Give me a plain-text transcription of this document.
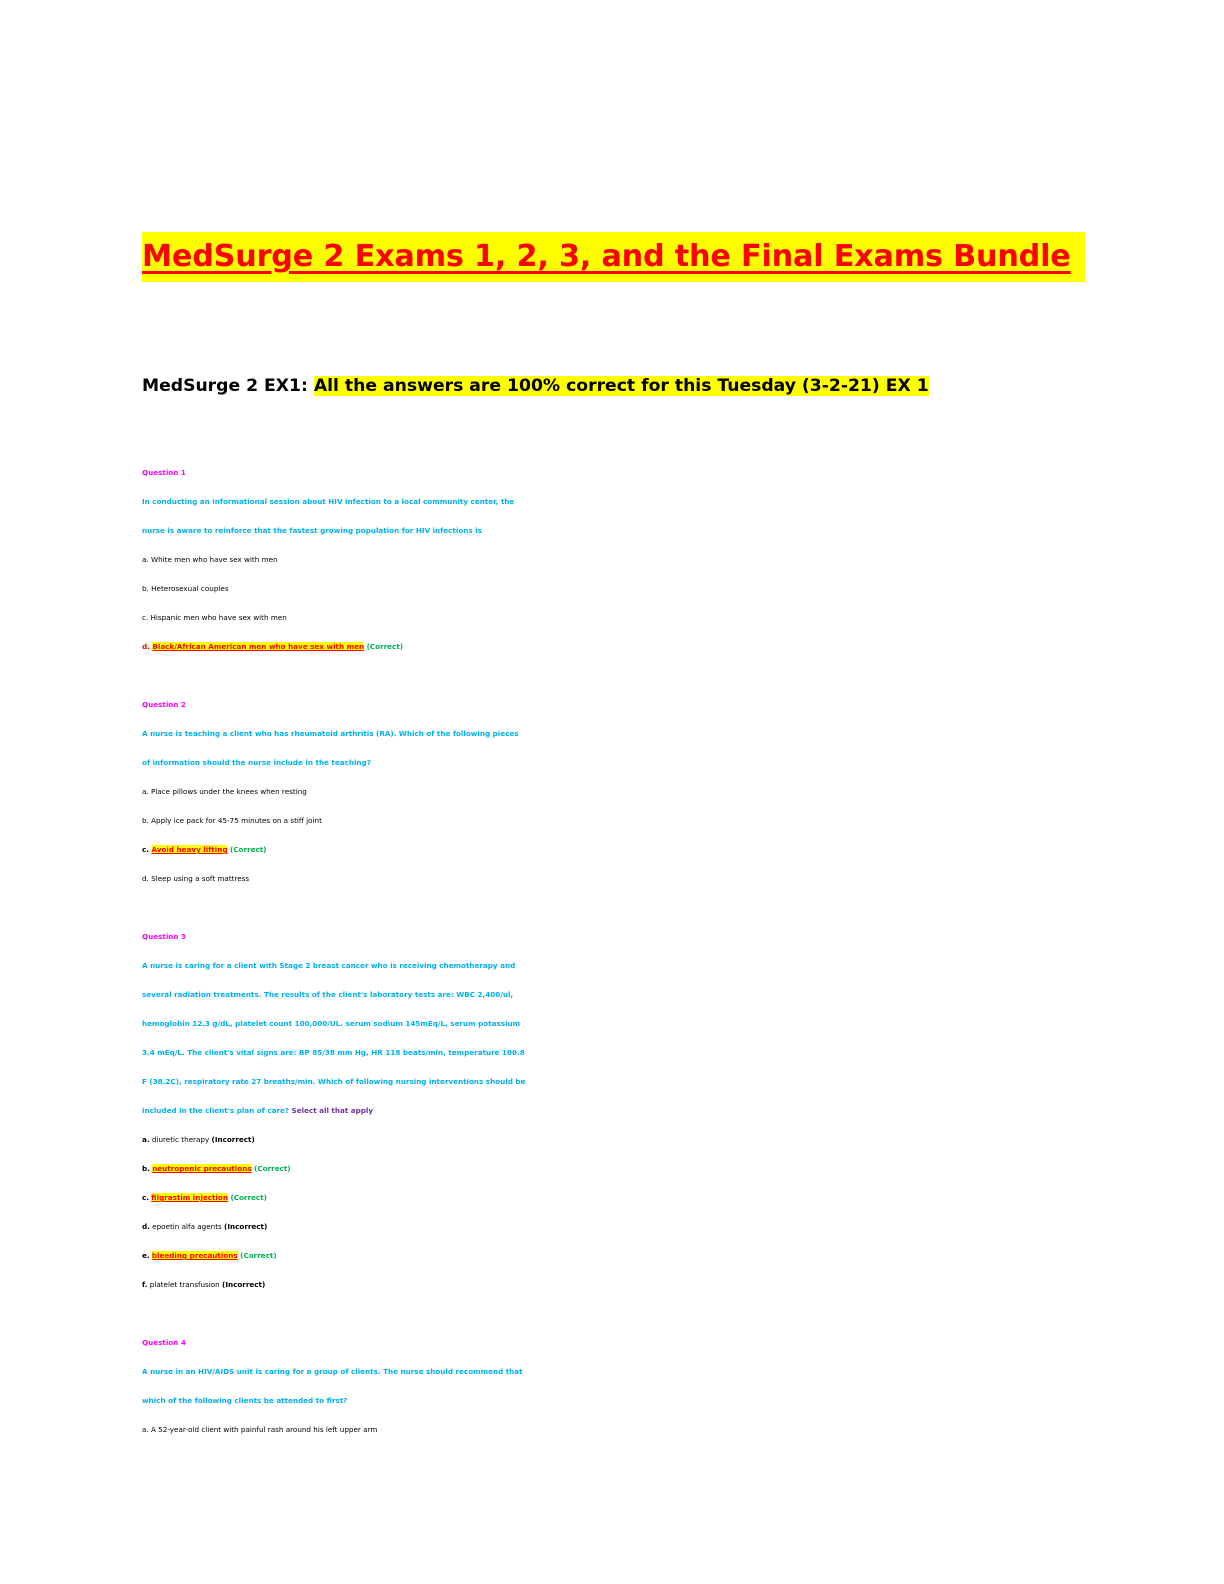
MedSurge 2 Exams 1, 2, 3, and the Final Exams Bundle
MedSurge 2 EX1: All the answers are 100% correct for this Tuesday (3-2-21) EX 1
Question 1
In conducting an informational session about HIV infection to a local community center, the
nurse is aware to reinforce that the fastest growing population for HIV infections is
a. White men who have sex with men
b. Heterosexual couples
c. Hispanic men who have sex with men
d. Black/African American men who have sex with men (Correct)
Question 2
A nurse is teaching a client who has rheumatoid arthritis (RA). Which of the following pieces
of information should the nurse include in the teaching?
a. Place pillows under the knees when resting
b. Apply ice pack for 45-75 minutes on a stiff joint
c. Avoid heavy lifting (Correct)
d. Sleep using a soft mattress
Question 3
A nurse is caring for a client with Stage 2 breast cancer who is receiving chemotherapy and
several radiation treatments. The results of the client's laboratory tests are: WBC 2,400/ul,
hemoglobin 12.3 g/dL, platelet count 100,000/UL. serum sodium 145mEq/L, serum potassium
3.4 mEq/L. The client's vital signs are: BP 85/38 mm Hg, HR 118 beats/min, temperature 100.8
F (38.2C), respiratory rate 27 breaths/min. Which of following nursing interventions should be
included in the client's plan of care? Select all that apply
a. diuretic therapy (Incorrect)
b. neutropenic precautions (Correct)
c. filgrastim injection (Correct)
d. epoetin alfa agents (Incorrect)
e. bleeding precautions (Correct)
f. platelet transfusion (Incorrect)
Question 4
A nurse in an HIV/AIDS unit is caring for a group of clients. The nurse should recommend that
which of the following clients be attended to first?
a. A 52-year-old client with painful rash around his left upper arm
